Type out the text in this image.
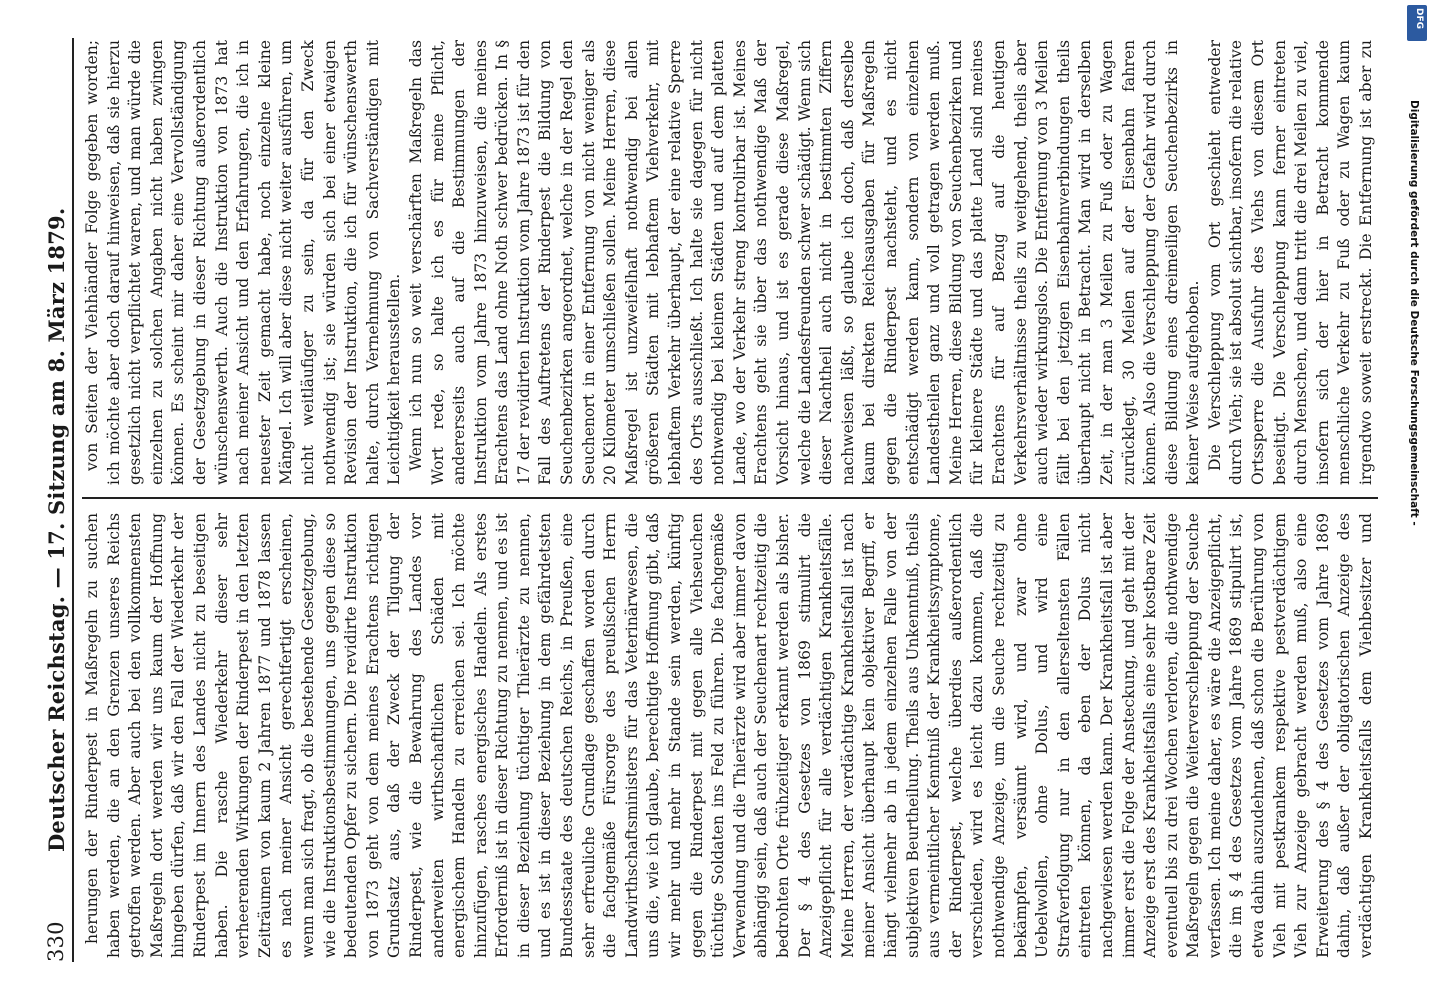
330
Deutscher Reichstag. — 17. Sitzung am 8. März 1879.

herungen der Rinderpest in Maßregeln zu suchen haben werden, die an den Grenzen unseres Reichs getroffen werden. Aber auch bei den vollkommensten Maßregeln dort werden wir uns kaum der Hoffnung hingeben dürfen, daß wir den Fall der Wiederkehr der Rinderpest im Innern des Landes nicht zu beseitigen haben. Die rasche Wiederkehr dieser sehr verheerenden Wirkungen der Rinderpest in den letzten Zeiträumen von kaum 2 Jahren 1877 und 1878 lassen es nach meiner Ansicht gerechtfertigt erscheinen, wenn man sich fragt, ob die bestehende Gesetzgebung, wie die Instruktionsbestimmungen, uns gegen diese so bedeutenden Opfer zu sichern. Die revidirte Instruktion von 1873 geht von dem meines Erachtens richtigen Grundsatz aus, daß der Zweck der Tilgung der Rinderpest, wie die Bewahrung des Landes vor anderweiten wirthschaftlichen Schäden mit energischem Handeln zu erreichen sei. Ich möchte hinzufügen, rasches energisches Handeln. Als erstes Erforderniß ist in dieser Richtung zu nennen, und es ist in dieser Beziehung tüchtiger Thierärzte zu nennen, und es ist in dieser Beziehung in dem gefährdetsten Bundesstaate des deutschen Reichs, in Preußen, eine sehr erfreuliche Grundlage geschaffen worden durch die fachgemäße Fürsorge des preußischen Herrn Landwirthschaftsministers für das Veterinärwesen, die uns die, wie ich glaube, berechtigte Hoffnung gibt, daß wir mehr und mehr in Stande sein werden, künftig gegen die Rinderpest mit gegen alle Viehseuchen tüchtige Soldaten ins Feld zu führen. Die fachgemäße Verwendung und die Thierärzte wird aber immer davon abhängig sein, daß auch der Seuchenart rechtzeitig die bedrohten Orte frühzeitiger erkannt werden als bisher. Der § 4 des Gesetzes von 1869 stimulirt die Anzeigepflicht für alle verdächtigen Krankheitsfälle. Meine Herren, der verdächtige Krankheitsfall ist nach meiner Ansicht überhaupt kein objektiver Begriff, er hängt vielmehr ab in jedem einzelnen Falle von der subjektiven Beurtheilung. Theils aus Unkenntniß, theils aus vermeintlicher Kenntniß der Krankheitssymptome, der Rinderpest, welche überdies außerordentlich verschieden, wird es leicht dazu kommen, daß die nothwendige Anzeige, um die Seuche rechtzeitig zu bekämpfen, versäumt wird, und zwar ohne Uebelwollen, ohne Dolus, und wird eine Strafverfolgung nur in den allerseltensten Fällen eintreten können, da eben der Dolus nicht nachgewiesen werden kann. Der Krankheitsfall ist aber immer erst die Folge der Ansteckung, und geht mit der Anzeige erst des Krankheitsfalls eine sehr kostbare Zeit eventuell bis zu drei Wochen verloren, die nothwendige Maßregeln gegen die Weiterverschleppung der Seuche verfassen. Ich meine daher, es wäre die Anzeigepflicht, die im § 4 des Gesetzes vom Jahre 1869 stipulirt ist, etwa dahin auszudehnen, daß schon die Berührung von Vieh mit pestkrankem respektive pestverdächtigem Vieh zur Anzeige gebracht werden muß, also eine Erweiterung des § 4 des Gesetzes vom Jahre 1869 dahin, daß außer der obligatorischen Anzeige des verdächtigen Krankheitsfalls dem Viehbesitzer und

von Seiten der Viehhändler Folge gegeben worden; ich möchte aber doch darauf hinweisen, daß sie hierzu gesetzlich nicht verpflichtet waren, und man würde die einzelnen zu solchen Angaben nicht haben zwingen können. Es scheint mir daher eine Vervollständigung der Gesetzgebung in dieser Richtung außerordentlich wünschenswerth. Auch die Instruktion von 1873 hat nach meiner Ansicht und den Erfahrungen, die ich in neuester Zeit gemacht habe, noch einzelne kleine Mängel. Ich will aber diese nicht weiter ausführen, um nicht weitläufiger zu sein, da für den Zweck nothwendig ist; sie würden sich bei einer etwaigen Revision der Instruktion, die ich für wünschenswerth halte, durch Vernehmung von Sachverständigen mit Leichtigkeit herausstellen. Wenn ich nun so weit verschärften Maßregeln das Wort rede, so halte ich es für meine Pflicht, andererseits auch auf die Bestimmungen der Instruktion vom Jahre 1873 hinzuweisen, die meines Erachtens das Land ohne Noth schwer bedrücken. In § 17 der revidirten Instruktion vom Jahre 1873 ist für den Fall des Auftretens der Rinderpest die Bildung von Seuchenbezirken angeordnet, welche in der Regel den Seuchenort in einer Entfernung von nicht weniger als 20 Kilometer umschließen sollen. Meine Herren, diese Maßregel ist unzweifelhaft nothwendig bei allen größeren Städten mit lebhaftem Viehverkehr, mit lebhaftem Verkehr überhaupt, der eine relative Sperre des Orts ausschließt. Ich halte sie dagegen für nicht nothwendig bei kleinen Städten und auf dem platten Lande, wo der Verkehr streng kontrolirbar ist. Meines Erachtens geht sie über das nothwendige Maß der Vorsicht hinaus, und ist es gerade diese Maßregel, welche die Landesfreunden schwer schädigt. Wenn sich dieser Nachtheil auch nicht in bestimmten Ziffern nachweisen läßt, so glaube ich doch, daß derselbe kaum bei direkten Reichsausgaben für Maßregeln gegen die Rinderpest nachsteht, und es nicht entschädigt werden kann, sondern von einzelnen Landestheilen ganz und voll getragen werden muß. Meine Herren, diese Bildung von Seuchenbezirken und für kleinere Städte und das platte Land sind meines Erachtens für auf Bezug auf die heutigen Verkehrsverhältnisse theils zu weitgehend, theils aber auch wieder wirkungslos. Die Entfernung von 3 Meilen fällt bei den jetzigen Eisenbahnverbindungen theils überhaupt nicht in Betracht. Man wird in derselben Zeit, in der man 3 Meilen zu Fuß oder zu Wagen zurücklegt, 30 Meilen auf der Eisenbahn fahren können. Also die Verschleppung der Gefahr wird durch diese Bildung eines dreimeiligen Seuchenbezirks in keiner Weise aufgehoben. Die Verschleppung vom Ort geschieht entweder durch Vieh; sie ist absolut sichtbar, insofern die relative Ortssperre die Ausfuhr des Viehs von diesem Ort beseitigt. Die Verschleppung kann ferner eintreten durch Menschen, und dann tritt die drei Meilen zu viel, insofern sich der hier in Betracht kommende menschliche Verkehr zu Fuß oder zu Wagen kaum irgendwo soweit erstreckt. Die Entfernung ist aber zu

DFG
Digitalisierung gefördert durch die Deutsche Forschungsgemeinschaft -
